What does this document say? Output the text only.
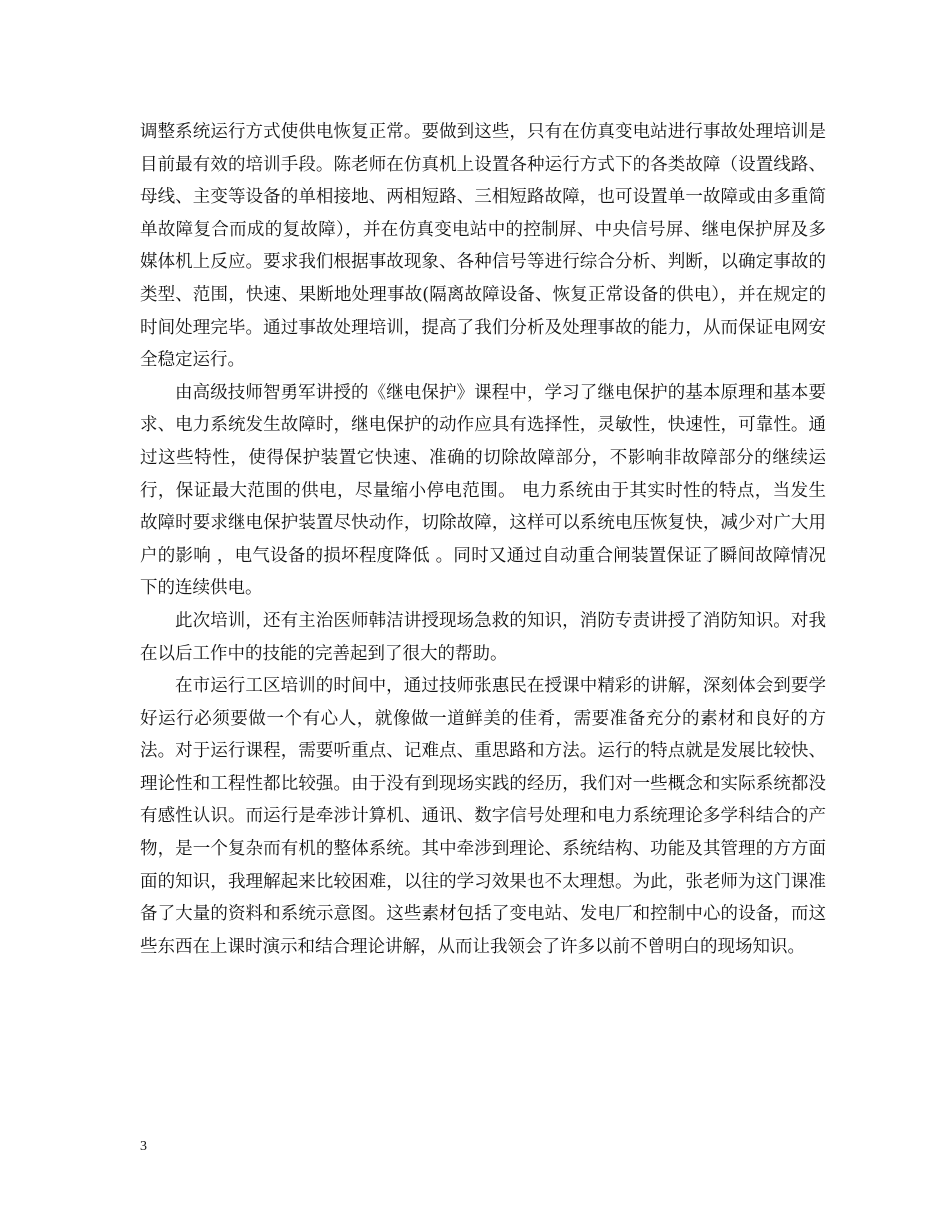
调整系统运行方式使供电恢复正常。要做到这些，只有在仿真变电站进行事故处理培训是目前最有效的培训手段。陈老师在仿真机上设置各种运行方式下的各类故障（设置线路、母线、主变等设备的单相接地、两相短路、三相短路故障，也可设置单一故障或由多重简单故障复合而成的复故障），并在仿真变电站中的控制屏、中央信号屏、继电保护屏及多媒体机上反应。要求我们根据事故现象、各种信号等进行综合分析、判断，以确定事故的类型、范围，快速、果断地处理事故(隔离故障设备、恢复正常设备的供电），并在规定的时间处理完毕。通过事故处理培训，提高了我们分析及处理事故的能力，从而保证电网安全稳定运行。

由高级技师智勇军讲授的《继电保护》课程中，学习了继电保护的基本原理和基本要求、电力系统发生故障时，继电保护的动作应具有选择性，灵敏性，快速性，可靠性。通过这些特性，使得保护装置它快速、准确的切除故障部分，不影响非故障部分的继续运行，保证最大范围的供电，尽量缩小停电范围。 电力系统由于其实时性的特点，当发生故障时要求继电保护装置尽快动作，切除故障，这样可以系统电压恢复快，减少对广大用户的影响 ，电气设备的损坏程度降低 。同时又通过自动重合闸装置保证了瞬间故障情况下的连续供电。

此次培训，还有主治医师韩洁讲授现场急救的知识，消防专责讲授了消防知识。对我在以后工作中的技能的完善起到了很大的帮助。

在市运行工区培训的时间中，通过技师张惠民在授课中精彩的讲解，深刻体会到要学好运行必须要做一个有心人，就像做一道鲜美的佳肴，需要准备充分的素材和良好的方法。对于运行课程，需要听重点、记难点、重思路和方法。运行的特点就是发展比较快、理论性和工程性都比较强。由于没有到现场实践的经历，我们对一些概念和实际系统都没有感性认识。而运行是牵涉计算机、通讯、数字信号处理和电力系统理论多学科结合的产物，是一个复杂而有机的整体系统。其中牵涉到理论、系统结构、功能及其管理的方方面面的知识，我理解起来比较困难，以往的学习效果也不太理想。为此，张老师为这门课准备了大量的资料和系统示意图。这些素材包括了变电站、发电厂和控制中心的设备，而这些东西在上课时演示和结合理论讲解，从而让我领会了许多以前不曾明白的现场知识。

3
